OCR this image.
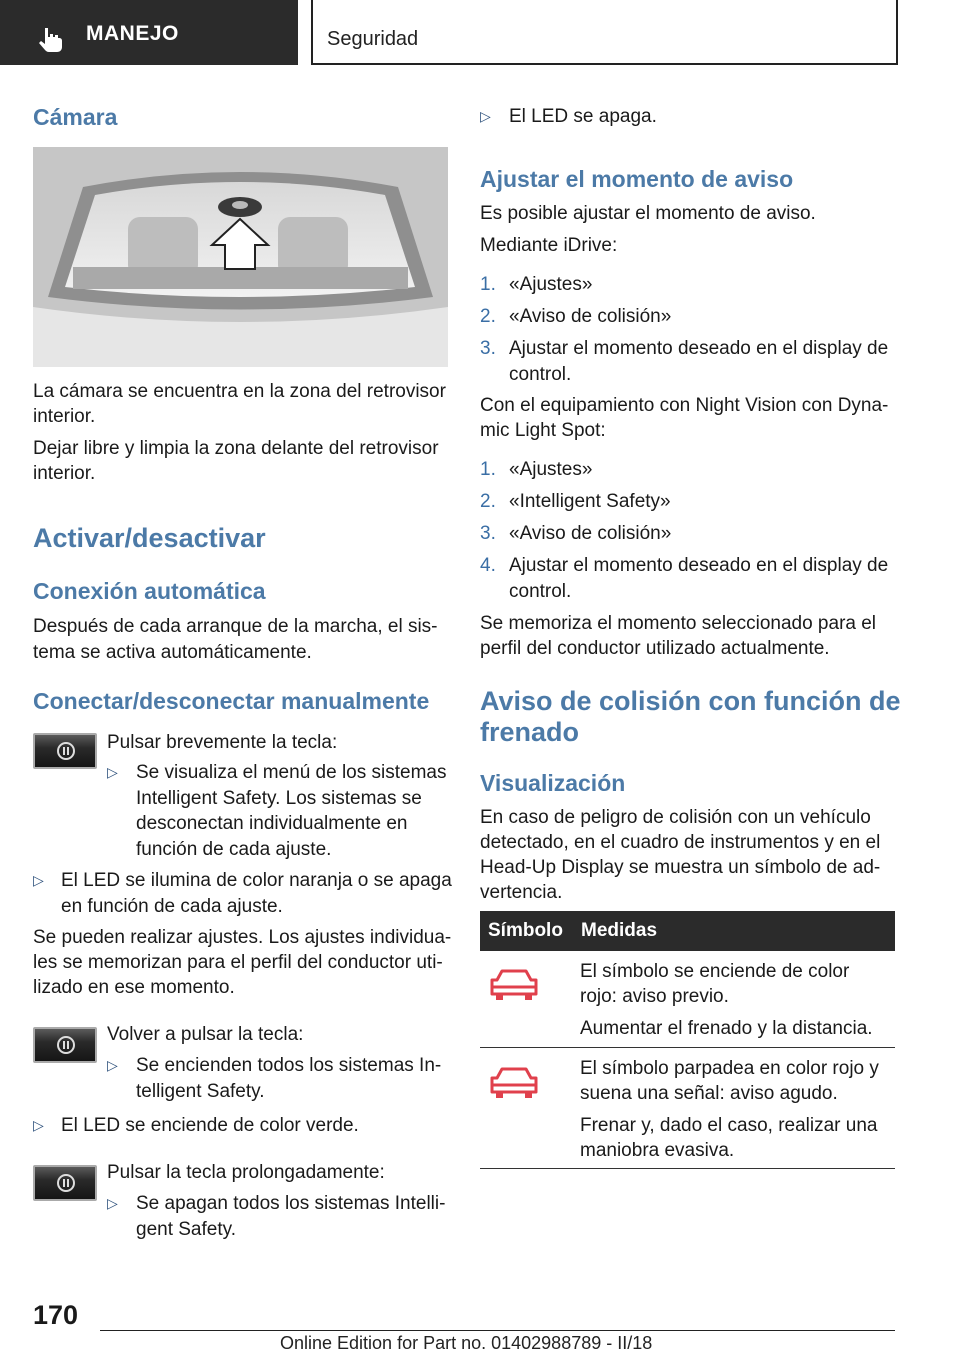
MANEJO	Seguridad
Cámara

La cámara se encuentra en la zona del retrovisor

interior.

Dejar libre y limpia la zona delante del retrovisor

interior.

Activar/desactivar
Conexión automática

Después de cada arranque de la marcha, el sis-

tema se activa automáticamente.

Conectar/desconectar manualmente

Pulsar brevemente la tecla:

▷ Se visualiza el menú de los sistemas
Intelligent Safety. Los sistemas se
desconectan individualmente en
función de cada ajuste.
▷ El LED se ilumina de color naranja o se apaga
en función de cada ajuste.

Se pueden realizar ajustes. Los ajustes individua-

les se memorizan para el perfil del conductor uti-

lizado en ese momento.

Volver a pulsar la tecla:

▷ Se encienden todos los sistemas In-
telligent Safety.
▷ El LED se enciende de color verde.

Pulsar la tecla prolongadamente:

▷ Se apagan todos los sistemas Intelli-
gent Safety.
▷ El LED se apaga.
Ajustar el momento de aviso

Es posible ajustar el momento de aviso.

Mediante iDrive:

1. «Ajustes»
2. «Aviso de colisión»
3. Ajustar el momento deseado en el display de
control.

Con el equipamiento con Night Vision con Dyna-

mic Light Spot:

1. «Ajustes»
2. «Intelligent Safety»
3. «Aviso de colisión»
4. Ajustar el momento deseado en el display de
control.

Se memoriza el momento seleccionado para el

perfil del conductor utilizado actualmente.

Aviso de colisión con función de
frenado
Visualización

En caso de peligro de colisión con un vehículo

detectado, en el cuadro de instrumentos y en el

Head-Up Display se muestra un símbolo de ad-

vertencia.

Símbolo Medidas

El símbolo se enciende de color

rojo: aviso previo.

Aumentar el frenado y la distancia.

El símbolo parpadea en color rojo y

suena una señal: aviso agudo.

Frenar y, dado el caso, realizar una

maniobra evasiva.

170
Online Edition for Part no. 01402988789 - II/18
